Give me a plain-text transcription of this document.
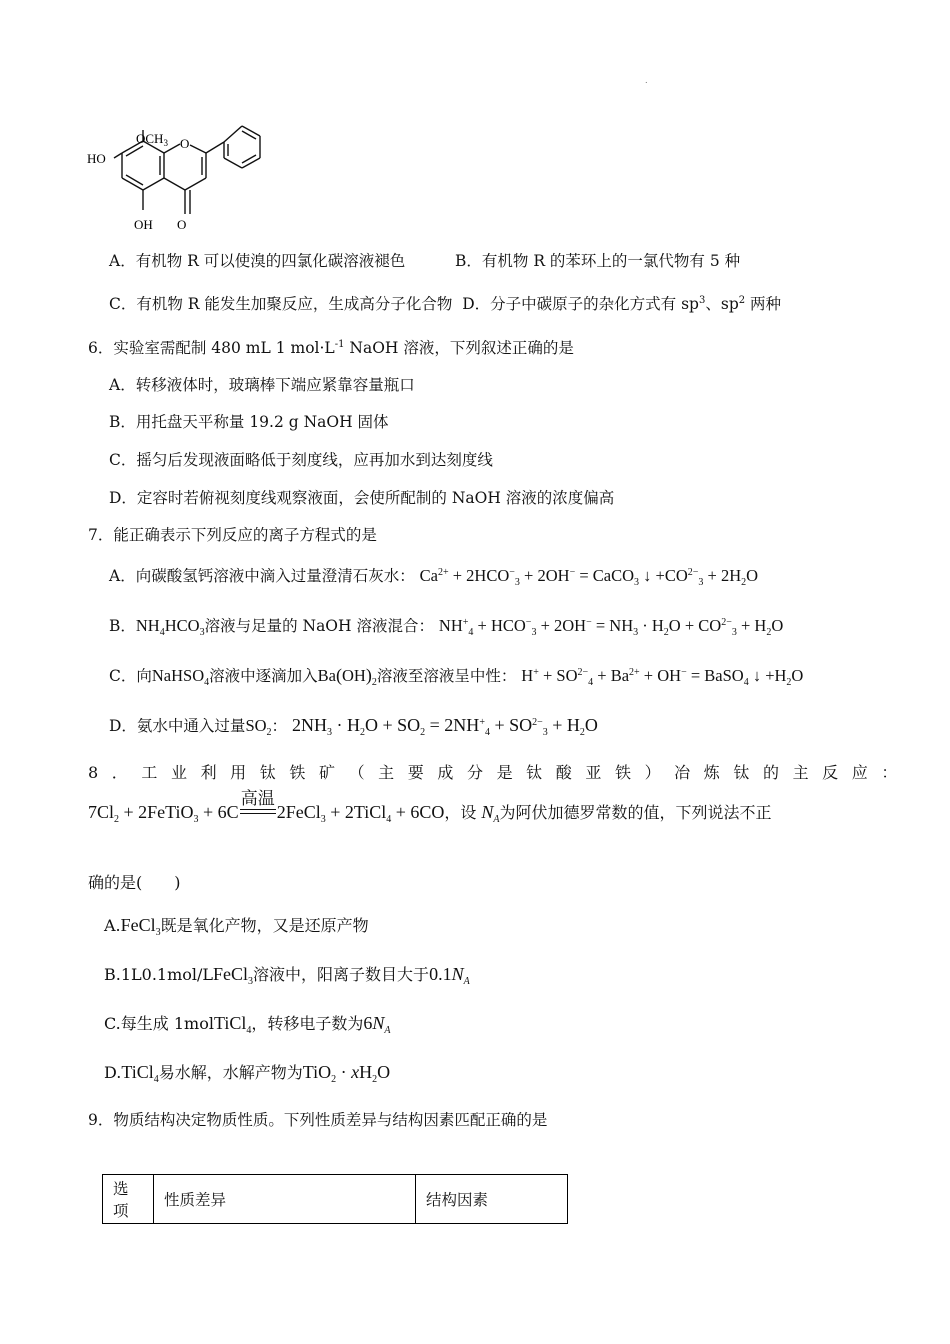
.
$OCH_3$
HO
O
OH O
A．有机物 R 可以使溴的四氯化碳溶液褪色	B．有机物 R 的苯环上的一氯代物有 5 种
C．有机物 R 能发生加聚反应，生成高分子化合物 D．分子中碳原子的杂化方式有 $sp^3$、$sp^2$ 两种
6．实验室需配制 480 mL 1 $mol\cdot L^{-1}$ NaOH 溶液，下列叙述正确的是
A．转移液体时，玻璃棒下端应紧靠容量瓶口
B．用托盘天平称量 19.2 g NaOH 固体
C．摇匀后发现液面略低于刻度线，应再加水到达刻度线
D．定容时若俯视刻度线观察液面，会使所配制的 NaOH 溶液的浓度偏高
7．能正确表示下列反应的离子方程式的是
A．向碳酸氢钙溶液中滴入过量澄清石灰水： $Ca^{2+} + 2HCO^-_3 + 2OH^-$ = CaCO$_3$ ↓ $+CO^{2-}_3 + 2H_2O$
B．$NH_4HCO_3$溶液与足量的 NaOH 溶液混合： $NH^+_4 + HCO^-_3 + 2OH^- = NH_3 \cdot H_2O + CO^{2-}_3 + H_2O$
C．向NaHSO$_4$溶液中逐滴加入$Ba(OH)_2$溶液至溶液呈中性： $H^+ + SO^{2-}_4 + Ba^{2+} + OH^-$ = BaSO$_4$ ↓ $+H_2O$
D．氨水中通入过量$SO_2$： $2NH_3 \cdot H_2O + SO_2 = 2NH^+_4 + SO^{2-}_3 + H_2O$
8．工业利用钛铁矿（主要成分是钛酸亚铁）冶炼钛的主反应：
$7Cl_2$ + 2FeTiO$_3$ + 6C
高温
2FeCl$_3$ + 2TiCl$_4$ + 6CO，设 $N_A$为阿伏加德罗常数的值，下列说法不正
确的是(　　)
A.FeCl$_3$既是氧化产物，又是还原产物
B.1L0.1mol/LFeCl$_3$溶液中，阳离子数目大于$0.1N_A$
C.每生成 1molTiCl$_4$，转移电子数为$6N_A$
D.TiCl$_4$易水解，水解产物为$TiO_2 \cdot xH_2O$
9．物质结构决定物质性质。下列性质差异与结构因素匹配正确的是
选项	性质差异	结构因素
